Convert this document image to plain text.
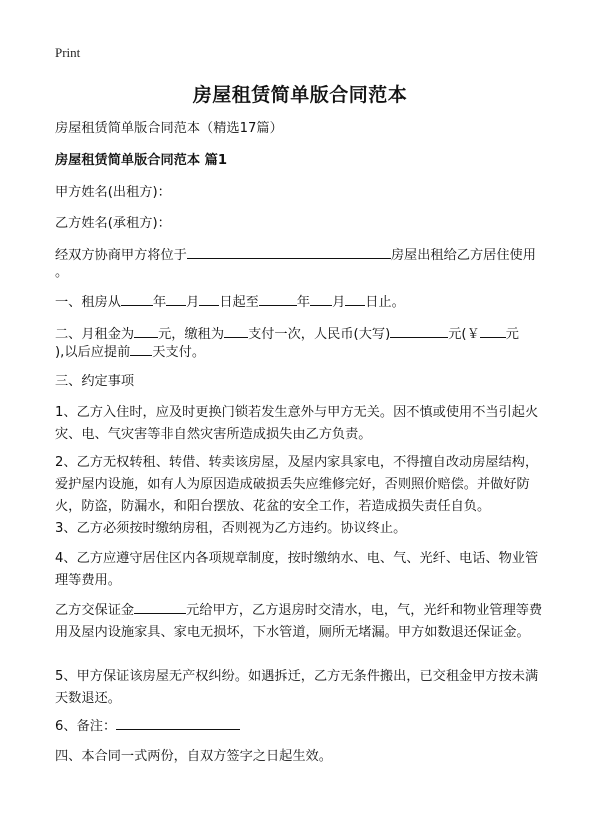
Print
房屋租赁简单版合同范本
房屋租赁简单版合同范本（精选17篇）
房屋租赁简单版合同范本 篇1
甲方姓名(出租方)：
乙方姓名(承租方)：
经双方协商甲方将位于	房屋出租给乙方居住使用
。
一、租房从 年 月 日起至	年 月 日止。
二、月租金为 元，缴租为 支付一次，人民币(大写)	元(￥ 元
),以后应提前 天支付。
三、约定事项
1、乙方入住时，应及时更换门锁若发生意外与甲方无关。因不慎或使用不当引起火灾、电、气灾害等非自然灾害所造成损失由乙方负责。
2、乙方无权转租、转借、转卖该房屋，及屋内家具家电，不得擅自改动房屋结构，爱护屋内设施，如有人为原因造成破损丢失应维修完好，否则照价赔偿。并做好防火，防盗，防漏水，和阳台摆放、花盆的安全工作，若造成损失责任自负。
3、乙方必须按时缴纳房租，否则视为乙方违约。协议终止。
4、乙方应遵守居住区内各项规章制度，按时缴纳水、电、气、光纤、电话、物业管理等费用。
乙方交保证金	元给甲方，乙方退房时交清水，电，气，光纤和物业管理等费用及屋内设施家具、家电无损坏，下水管道，厕所无堵漏。甲方如数退还保证金。
5、甲方保证该房屋无产权纠纷。如遇拆迁，乙方无条件搬出，已交租金甲方按未满天数退还。
6、备注：
四、本合同一式两份，自双方签字之日起生效。
